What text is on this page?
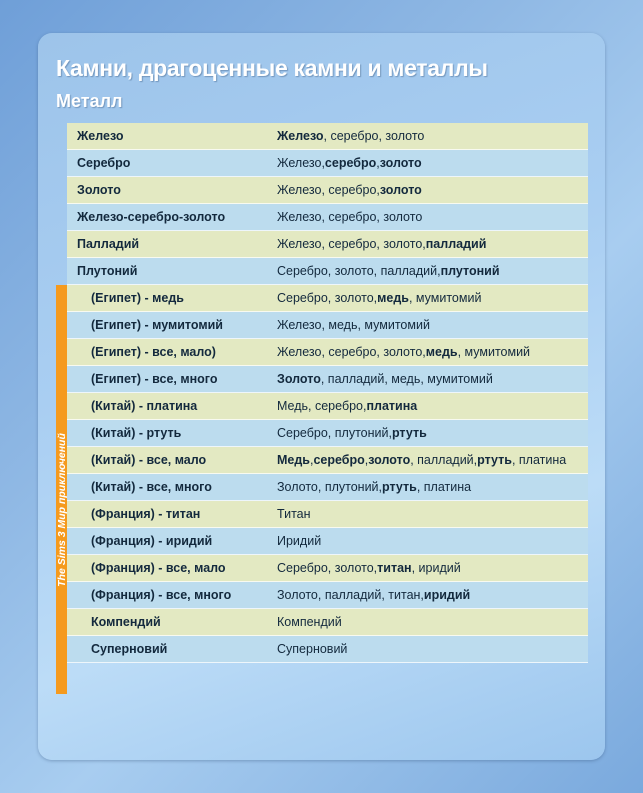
Камни, драгоценные камни и металлы
Металл
Железо	Железо , серебро, золото
Серебро	Железо, серебро , золото
Золото	Железо, серебро, золото
Железо-серебро-золото	Железо, серебро, золото
Палладий	Железо, серебро, золото, палладий
Плутоний	Серебро, золото, палладий, плутоний
(Египет) - медь	Серебро, золото, медь , мумитомий
(Египет) - мумитомий	Железо, медь, мумитомий
(Египет) - все, мало)	Железо, серебро, золото, медь , мумитомий
(Египет) - все, много	Золото , палладий, медь, мумитомий
(Китай) - платина	Медь, серебро, платина
(Китай) - ртуть	Серебро, плутоний, ртуть
(Китай) - все, мало	Медь , серебро , золото , палладий, ртуть , платина
(Китай) - все, много	Золото, плутоний, ртуть , платина
(Франция) - титан	Титан
(Франция) - иридий	Иридий
(Франция) - все, мало	Серебро, золото, титан , иридий
(Франция) - все, много	Золото, палладий, титан, иридий
Компендий	Компендий
Суперновий	Суперновий
The Sims 3 Мир приключений
